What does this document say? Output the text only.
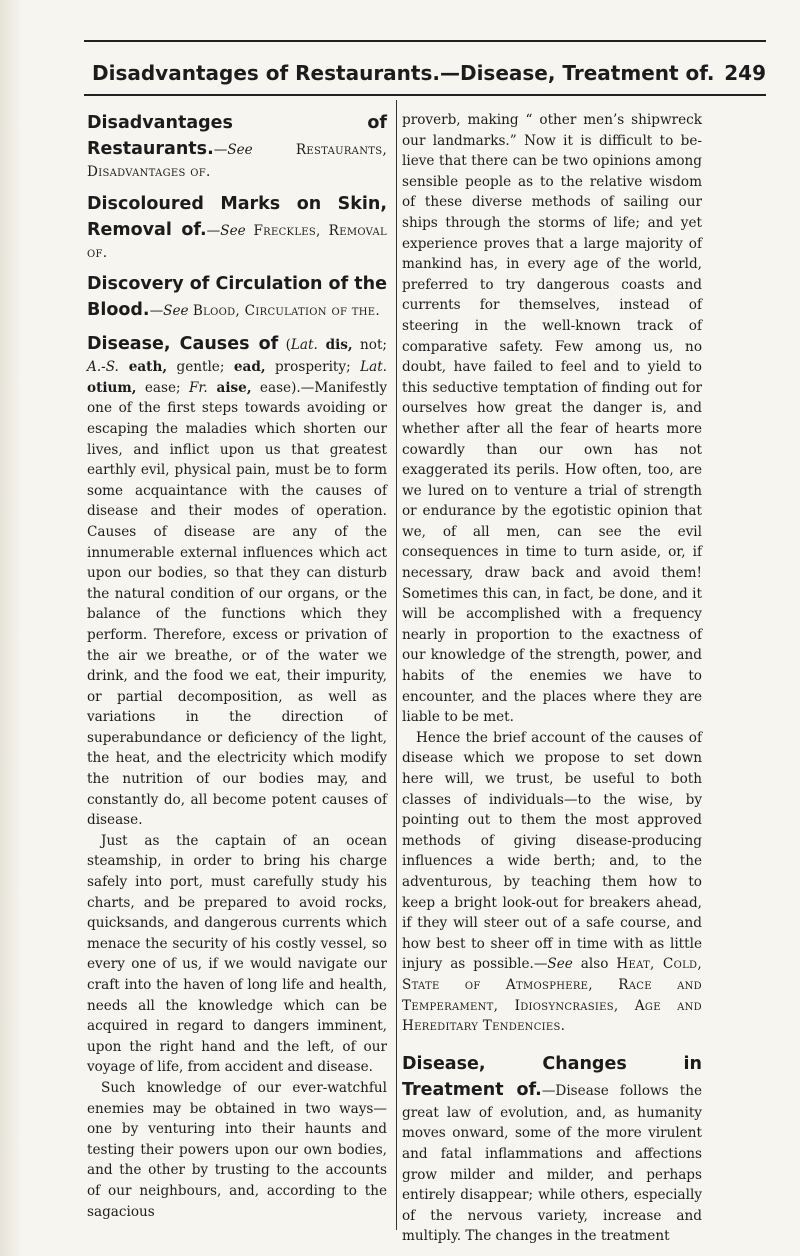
Disadvantages of Restaurants.—Disease, Treatment of. 249

Disadvantages of Restaurants.—See	Restaurants, Disadvantages of.

Discoloured Marks on Skin, Removal of.—See Freckles, Removal of.

Discovery of Circulation of the Blood.—See Blood, Circulation of the.

Disease, Causes of (Lat. dis, not; A.-S. eath, gentle; ead, prosperity; Lat. otium, ease; Fr. aise, ease).—Manifestly one of the first steps towards avoiding or escaping the maladies which shorten our lives, and inflict upon us that greatest earthly evil, physical pain, must be to form some acquaintance with the causes of disease and their modes of operation. Causes of disease are any of the innumerable external influences which act upon our bodies, so that they can disturb the natural condition of our organs, or the balance of the functions which they perform. Therefore, excess or privation of the air we breathe, or of the water we drink, and the food we eat, their impurity, or partial decomposition, as well as variations in the direction of superabundance or deficiency of the light, the heat, and the electricity which modify the nutrition of our bodies may, and constantly do, all become potent causes of disease.

Just as the captain of an ocean steamship, in order to bring his charge safely into port, must carefully study his charts, and be prepared to avoid rocks, quicksands, and dangerous currents which menace the security of his costly vessel, so every one of us, if we would navigate our craft into the haven of long life and health, needs all the knowledge which can be acquired in regard to dangers imminent, upon the right hand and the left, of our voyage of life, from accident and disease.

Such knowledge of our ever-watchful enemies may be obtained in two ways—one by venturing into their haunts and testing their powers upon our own bodies, and the other by trusting to the accounts of our neighbours, and, according to the sagacious

proverb, making “ other men’s shipwreck our landmarks.” Now it is difficult to believe that there can be two opinions among sensible people as to the relative wisdom of these diverse methods of sailing our ships through the storms of life; and yet experience proves that a large majority of mankind has, in every age of the world, preferred to try dangerous coasts and currents for themselves, instead of steering in the well-known track of comparative safety. Few among us, no doubt, have failed to feel and to yield to this seductive temptation of finding out for ourselves how great the danger is, and whether after all the fear of hearts more cowardly than our own has not exaggerated its perils. How often, too, are we lured on to venture a trial of strength or endurance by the egotistic opinion that we, of all men, can see the evil consequences in time to turn aside, or, if necessary, draw back and avoid them! Sometimes this can, in fact, be done, and it will be accomplished with a frequency nearly in proportion to the exactness of our knowledge of the strength, power, and habits of the enemies we have to encounter, and the places where they are liable to be met.

Hence the brief account of the causes of disease which we propose to set down here will, we trust, be useful to both classes of individuals—to the wise, by pointing out to them the most approved methods of giving disease-producing influences a wide berth; and, to the adventurous, by teaching them how to keep a bright look-out for breakers ahead, if they will steer out of a safe course, and how best to sheer off in time with as little injury as possible.—See also Heat, Cold, State of Atmosphere, Race and Temperament, Idiosyncrasies, Age and Hereditary Tendencies.

Disease, Changes in Treatment of.—Disease follows the great law of evolution, and, as humanity moves onward, some of the more virulent and fatal inflammations and affections grow milder and milder, and perhaps entirely disappear; while others, especially of the nervous variety, increase and multiply. The changes in the treatment
